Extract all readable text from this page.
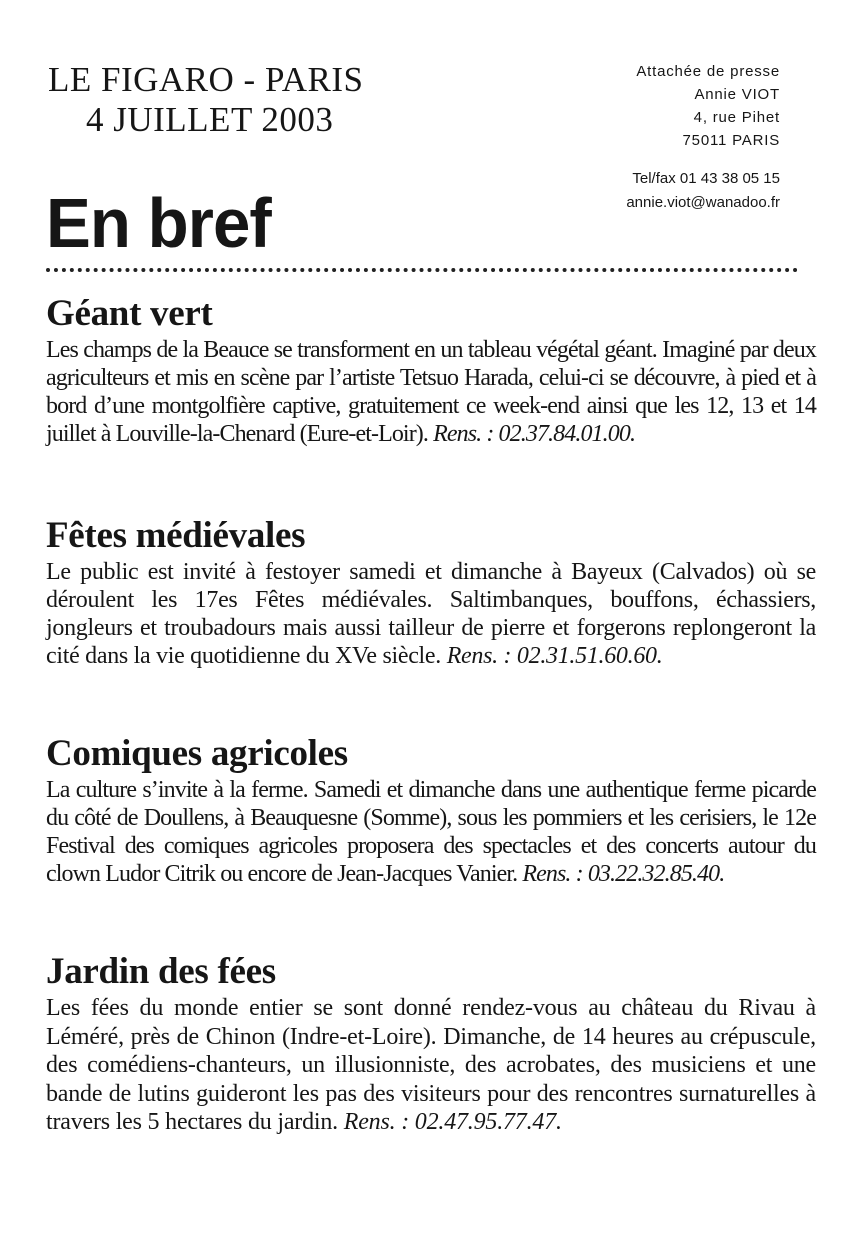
LE FIGARO - PARIS
4 JUILLET 2003
Attachée de presse
Annie VIOT
4, rue Pihet
75011 PARIS
Tel/fax 01 43 38 05 15
annie.viot@wanadoo.fr
En bref
Géant vert

Les champs de la Beauce se transforment en un tableau végétal géant. Imaginé par deux agriculteurs et mis en scène par l’artiste Tetsuo Harada, celui-ci se découvre, à pied et à bord d’une montgolfière captive, gratuitement ce week-end ainsi que les 12, 13 et 14 juillet à Louville-la-Chenard (Eure-et-Loir). Rens. : 02.37.84.01.00.

Fêtes médiévales

Le public est invité à festoyer samedi et dimanche à Bayeux (Calvados) où se déroulent les 17es Fêtes médiévales. Saltimbanques, bouffons, échassiers, jongleurs et troubadours mais aussi tailleur de pierre et forgerons replongeront la cité dans la vie quotidienne du XVe siècle. Rens. : 02.31.51.60.60.

Comiques agricoles

La culture s’invite à la ferme. Samedi et dimanche dans une authentique ferme picarde du côté de Doullens, à Beauquesne (Somme), sous les pommiers et les cerisiers, le 12e Festival des comiques agricoles proposera des spectacles et des concerts autour du clown Ludor Citrik ou encore de Jean-Jacques Vanier. Rens. : 03.22.32.85.40.

Jardin des fées

Les fées du monde entier se sont donné rendez-vous au château du Rivau à Léméré, près de Chinon (Indre-et-Loire). Dimanche, de 14 heures au crépuscule, des comédiens-chanteurs, un illusionniste, des acrobates, des musiciens et une bande de lutins guideront les pas des visiteurs pour des rencontres surnaturelles à travers les 5 hectares du jardin. Rens. : 02.47.95.77.47.
